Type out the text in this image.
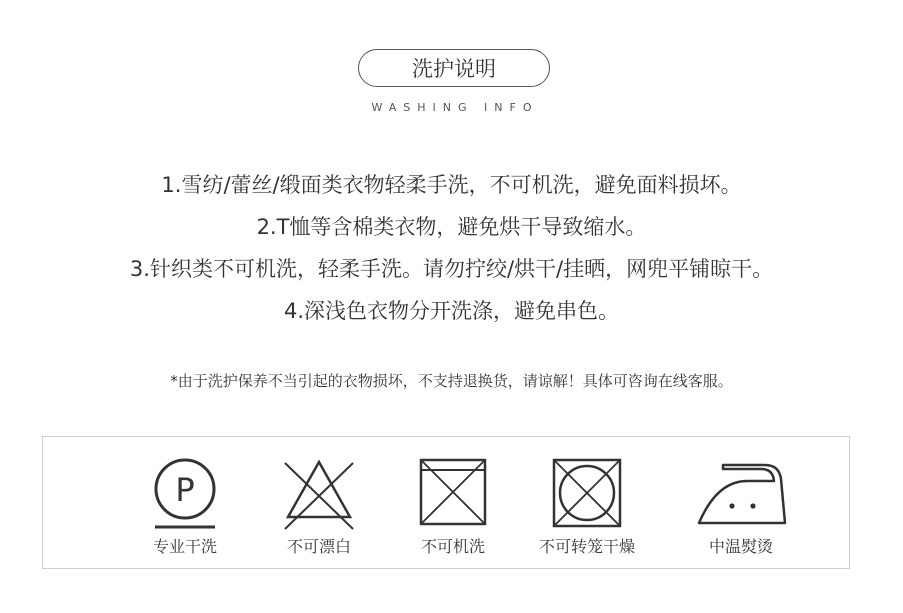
洗护说明
WASHING INFO
1.雪纺/蕾丝/缎面类衣物轻柔手洗，不可机洗，避免面料损坏。
2.T恤等含棉类衣物，避免烘干导致缩水。
3.针织类不可机洗，轻柔手洗。请勿拧绞/烘干/挂晒，网兜平铺晾干。
4.深浅色衣物分开洗涤，避免串色。
*由于洗护保养不当引起的衣物损坏，不支持退换货，请谅解！具体可咨询在线客服。
P
专业干洗	不可漂白	不可机洗	不可转笼干燥	中温熨烫
